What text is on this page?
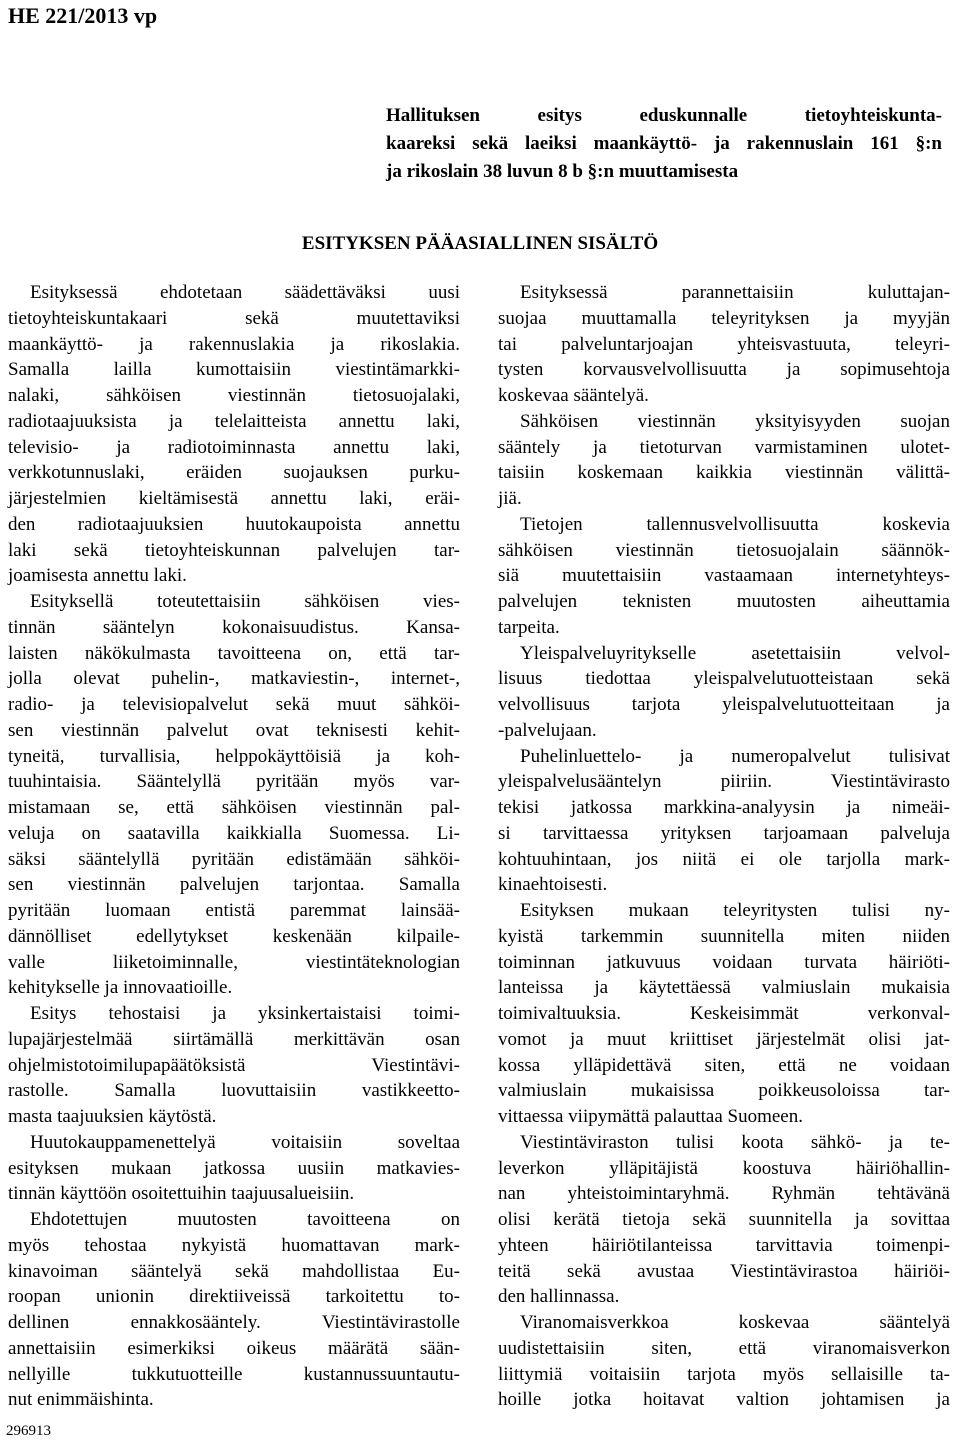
HE 221/2013 vp
Hallituksen esitys eduskunnalle tietoyhteiskunta-
kaareksi sekä laeiksi maankäyttö- ja rakennuslain 161 §:n
ja rikoslain 38 luvun 8 b §:n muuttamisesta
ESITYKSEN PÄÄASIALLINEN SISÄLTÖ
Esityksessä ehdotetaan säädettäväksi uusi
tietoyhteiskuntakaari sekä muutettaviksi
maankäyttö- ja rakennuslakia ja rikoslakia.
Samalla lailla kumottaisiin viestintämarkki-
nalaki, sähköisen viestinnän tietosuojalaki,
radiotaajuuksista ja telelaitteista annettu laki,
televisio- ja radiotoiminnasta annettu laki,
verkkotunnuslaki, eräiden suojauksen purku-
järjestelmien kieltämisestä annettu laki, eräi-
den radiotaajuuksien huutokaupoista annettu
laki sekä tietoyhteiskunnan palvelujen tar-
joamisesta annettu laki.
Esityksellä toteutettaisiin sähköisen vies-
tinnän sääntelyn kokonaisuudistus. Kansa-
laisten näkökulmasta tavoitteena on, että tar-
jolla olevat puhelin-, matkaviestin-, internet-,
radio- ja televisiopalvelut sekä muut sähköi-
sen viestinnän palvelut ovat teknisesti kehit-
tyneitä, turvallisia, helppokäyttöisiä ja koh-
tuuhintaisia. Sääntelyllä pyritään myös var-
mistamaan se, että sähköisen viestinnän pal-
veluja on saatavilla kaikkialla Suomessa. Li-
säksi sääntelyllä pyritään edistämään sähköi-
sen viestinnän palvelujen tarjontaa. Samalla
pyritään luomaan entistä paremmat lainsää-
dännölliset edellytykset keskenään kilpaile-
valle liiketoiminnalle, viestintäteknologian
kehitykselle ja innovaatioille.
Esitys tehostaisi ja yksinkertaistaisi toimi-
lupajärjestelmää siirtämällä merkittävän osan
ohjelmistotoimilupapäätöksistä Viestintävi-
rastolle. Samalla luovuttaisiin vastikkeetto-
masta taajuuksien käytöstä.
Huutokauppamenettelyä voitaisiin soveltaa
esityksen mukaan jatkossa uusiin matkavies-
tinnän käyttöön osoitettuihin taajuusalueisiin.
Ehdotettujen muutosten tavoitteena on
myös tehostaa nykyistä huomattavan mark-
kinavoiman sääntelyä sekä mahdollistaa Eu-
roopan unionin direktiiveissä tarkoitettu to-
dellinen ennakkosääntely. Viestintävirastolle
annettaisiin esimerkiksi oikeus määrätä sään-
nellyille tukkutuotteille kustannussuuntautu-
nut enimmäishinta.
Esityksessä parannettaisiin kuluttajan-
suojaa muuttamalla teleyrityksen ja myyjän
tai palveluntarjoajan yhteisvastuuta, teleyri-
tysten korvausvelvollisuutta ja sopimusehtoja
koskevaa sääntelyä.
Sähköisen viestinnän yksityisyyden suojan
sääntely ja tietoturvan varmistaminen ulotet-
taisiin koskemaan kaikkia viestinnän välittä-
jiä.
Tietojen tallennusvelvollisuutta koskevia
sähköisen viestinnän tietosuojalain säännök-
siä muutettaisiin vastaamaan internetyhteys-
palvelujen teknisten muutosten aiheuttamia
tarpeita.
Yleispalveluyritykselle asetettaisiin velvol-
lisuus tiedottaa yleispalvelutuotteistaan sekä
velvollisuus tarjota yleispalvelutuotteitaan ja
-palvelujaan.
Puhelinluettelo- ja numeropalvelut tulisivat
yleispalvelusääntelyn piiriin. Viestintävirasto
tekisi jatkossa markkina-analyysin ja nimeäi-
si tarvittaessa yrityksen tarjoamaan palveluja
kohtuuhintaan, jos niitä ei ole tarjolla mark-
kinaehtoisesti.
Esityksen mukaan teleyritysten tulisi ny-
kyistä tarkemmin suunnitella miten niiden
toiminnan jatkuvuus voidaan turvata häiriöti-
lanteissa ja käytettäessä valmiuslain mukaisia
toimivaltuuksia. Keskeisimmät verkonval-
vomot ja muut kriittiset järjestelmät olisi jat-
kossa ylläpidettävä siten, että ne voidaan
valmiuslain mukaisissa poikkeusoloissa tar-
vittaessa viipymättä palauttaa Suomeen.
Viestintäviraston tulisi koota sähkö- ja te-
leverkon ylläpitäjistä koostuva häiriöhallin-
nan yhteistoimintaryhmä. Ryhmän tehtävänä
olisi kerätä tietoja sekä suunnitella ja sovittaa
yhteen häiriötilanteissa tarvittavia toimenpi-
teitä sekä avustaa Viestintävirastoa häiriöi-
den hallinnassa.
Viranomaisverkkoa koskevaa sääntelyä
uudistettaisiin siten, että viranomaisverkon
liittymiä voitaisiin tarjota myös sellaisille ta-
hoille jotka hoitavat valtion johtamisen ja

296913
